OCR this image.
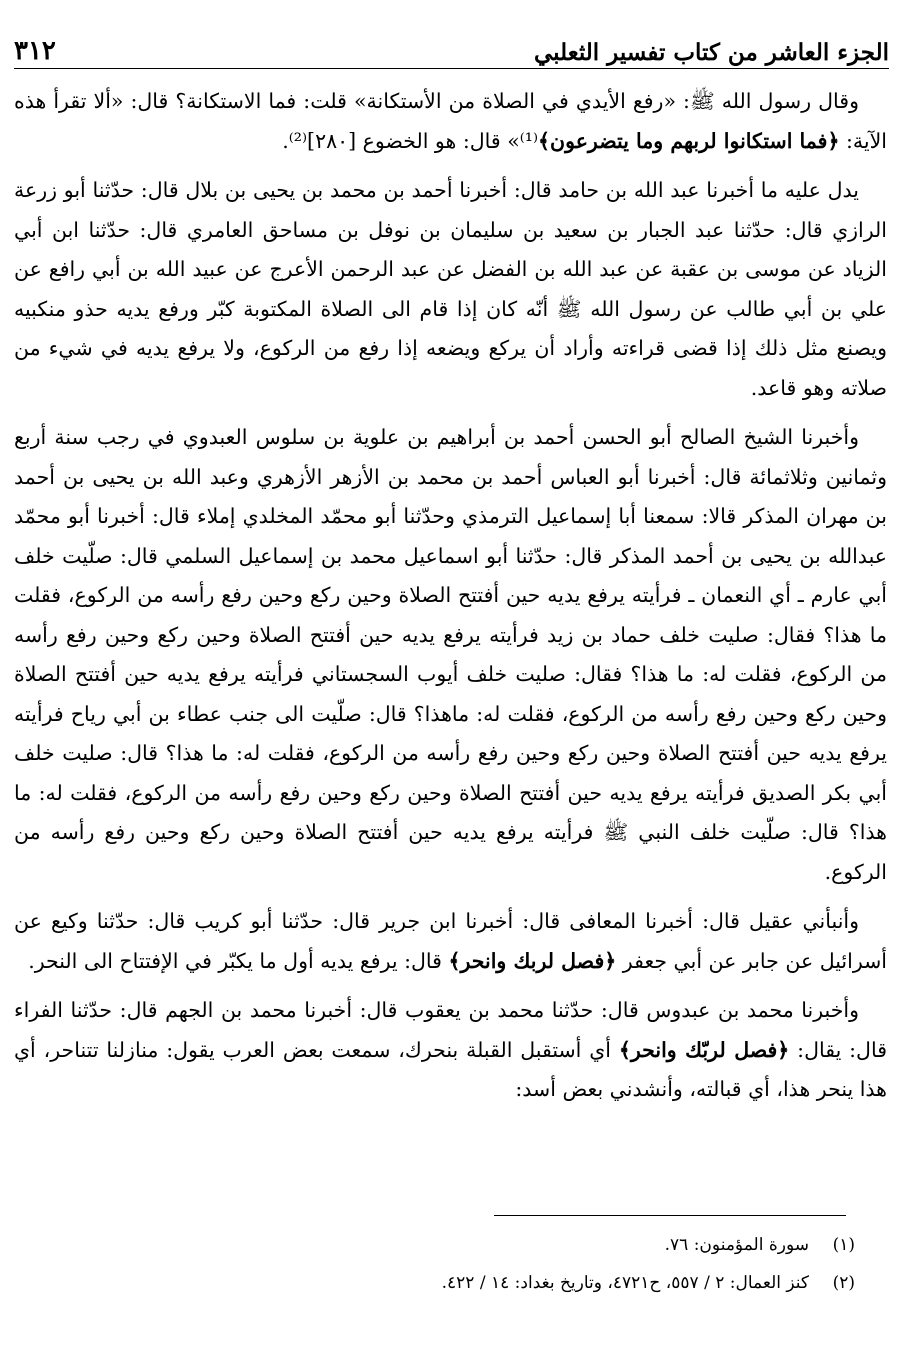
الجزء العاشر من كتاب تفسير الثعلبي
٣١٢

وقال رسول الله ﷺ: «رفع الأيدي في الصلاة من الأستكانة» قلت: فما الاستكانة؟ قال: «ألا تقرأ هذه الآية: ﴿فما استكانوا لربهم وما يتضرعون﴾⁽¹⁾» قال: هو الخضوع [٢٨٠]⁽²⁾.

يدل عليه ما أخبرنا عبد الله بن حامد قال: أخبرنا أحمد بن محمد بن يحيى بن بلال قال: حدّثنا أبو زرعة الرازي قال: حدّثنا عبد الجبار بن سعيد بن سليمان بن نوفل بن مساحق العامري قال: حدّثنا ابن أبي الزياد عن موسى بن عقبة عن عبد الله بن الفضل عن عبد الرحمن الأعرج عن عبيد الله بن أبي رافع عن علي بن أبي طالب عن رسول الله ﷺ أنّه كان إذا قام الى الصلاة المكتوبة كبّر ورفع يديه حذو منكبيه ويصنع مثل ذلك إذا قضى قراءته وأراد أن يركع ويضعه إذا رفع من الركوع، ولا يرفع يديه في شيء من صلاته وهو قاعد.

وأخبرنا الشيخ الصالح أبو الحسن أحمد بن أبراهيم بن علوية بن سلوس العبدوي في رجب سنة أربع وثمانين وثلاثمائة قال: أخبرنا أبو العباس أحمد بن محمد بن الأزهر الأزهري وعبد الله بن يحيى بن أحمد بن مهران المذكر قالا: سمعنا أبا إسماعيل الترمذي وحدّثنا أبو محمّد المخلدي إملاء قال: أخبرنا أبو محمّد عبدالله بن يحيى بن أحمد المذكر قال: حدّثنا أبو اسماعيل محمد بن إسماعيل السلمي قال: صلّيت خلف أبي عارم ـ أي النعمان ـ فرأيته يرفع يديه حين أفتتح الصلاة وحين ركع وحين رفع رأسه من الركوع، فقلت ما هذا؟ فقال: صليت خلف حماد بن زيد فرأيته يرفع يديه حين أفتتح الصلاة وحين ركع وحين رفع رأسه من الركوع، فقلت له: ما هذا؟ فقال: صليت خلف أيوب السجستاني فرأيته يرفع يديه حين أفتتح الصلاة وحين ركع وحين رفع رأسه من الركوع، فقلت له: ماهذا؟ قال: صلّيت الى جنب عطاء بن أبي رياح فرأيته يرفع يديه حين أفتتح الصلاة وحين ركع وحين رفع رأسه من الركوع، فقلت له: ما هذا؟ قال: صليت خلف أبي بكر الصديق فرأيته يرفع يديه حين أفتتح الصلاة وحين ركع وحين رفع رأسه من الركوع، فقلت له: ما هذا؟ قال: صلّيت خلف النبي ﷺ فرأيته يرفع يديه حين أفتتح الصلاة وحين ركع وحين رفع رأسه من الركوع.

وأنبأني عقيل قال: أخبرنا المعافى قال: أخبرنا ابن جرير قال: حدّثنا أبو كريب قال: حدّثنا وكيع عن أسرائيل عن جابر عن أبي جعفر ﴿فصل لربك وانحر﴾ قال: يرفع يديه أول ما يكبّر في الإفتتاح الى النحر.

وأخبرنا محمد بن عبدوس قال: حدّثنا محمد بن يعقوب قال: أخبرنا محمد بن الجهم قال: حدّثنا الفراء قال: يقال: ﴿فصل لربّك وانحر﴾ أي أستقبل القبلة بنحرك، سمعت بعض العرب يقول: منازلنا تتناحر، أي هذا ينحر هذا، أي قبالته، وأنشدني بعض أسد:

(١)
سورة المؤمنون: ٧٦.
(٢)
كنز العمال: ٢ / ٥٥٧، ح٤٧٢١، وتاريخ بغداد: ١٤ / ٤٢٢.
